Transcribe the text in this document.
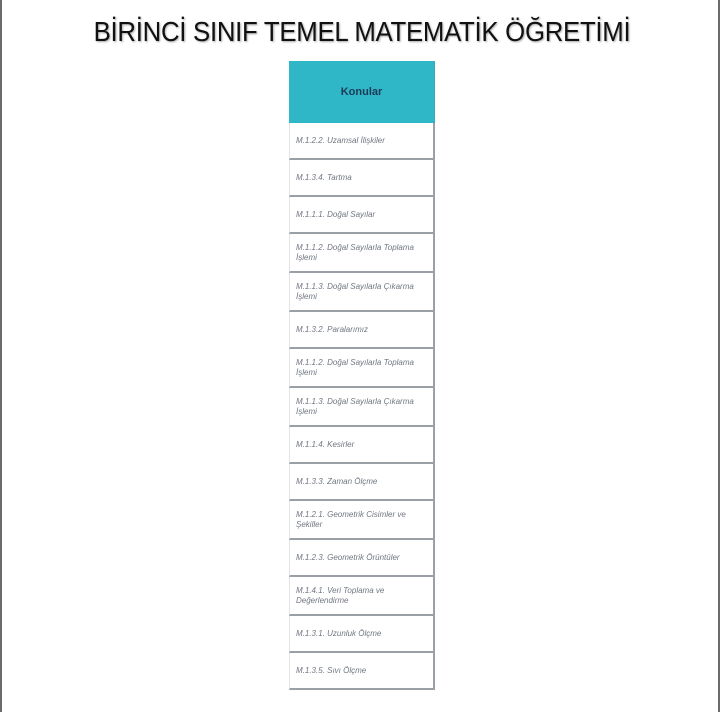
BİRİNCİ SINIF TEMEL MATEMATİK ÖĞRETİMİ
Konular
M.1.2.2. Uzamsal İlişkiler
M.1.3.4. Tartma
M.1.1.1. Doğal Sayılar
M.1.1.2. Doğal Sayılarla Toplama İşlemi
M.1.1.3. Doğal Sayılarla Çıkarma İşlemi
M.1.3.2. Paralarımız
M.1.1.2. Doğal Sayılarla Toplama İşlemi
M.1.1.3. Doğal Sayılarla Çıkarma İşlemi
M.1.1.4. Kesirler
M.1.3.3. Zaman Ölçme
M.1.2.1. Geometrik Cisimler ve Şekiller
M.1.2.3. Geometrik Örüntüler
M.1.4.1. Veri Toplama ve Değerlendirme
M.1.3.1. Uzunluk Ölçme
M.1.3.5. Sıvı Ölçme
